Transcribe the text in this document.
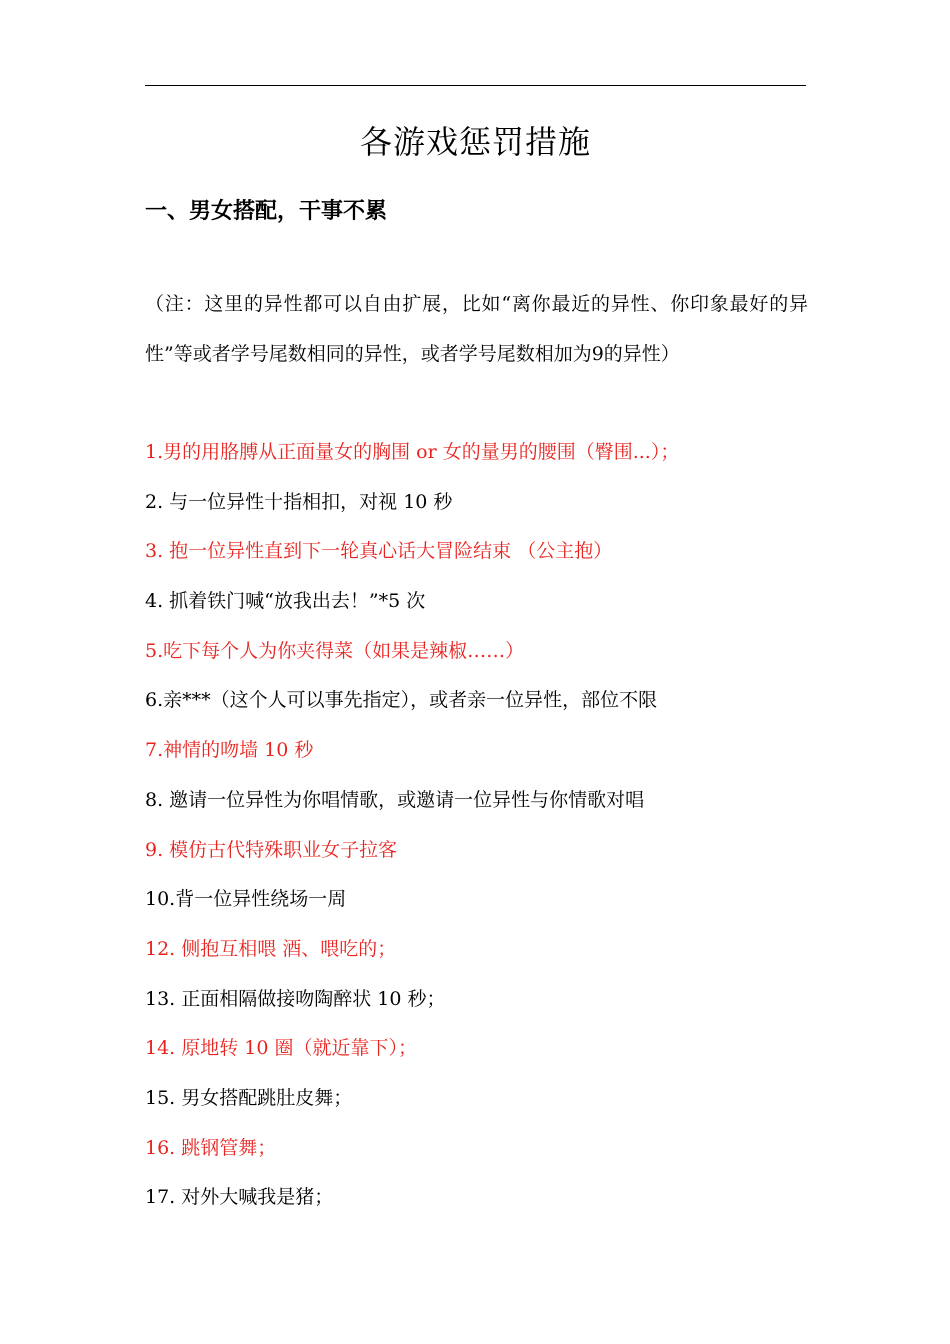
各游戏惩罚措施
一、男女搭配，干事不累
（注：这里的异性都可以自由扩展，比如“离你最近的异性、你印象最好的异性”等或者学号尾数相同的异性，或者学号尾数相加为9的异性）
1.男的用胳膊从正面量女的胸围 or 女的量男的腰围（臀围...）；
2. 与一位异性十指相扣，对视 10 秒
3. 抱一位异性直到下一轮真心话大冒险结束 （公主抱）
4. 抓着铁门喊“放我出去！”*5 次
5.吃下每个人为你夹得菜（如果是辣椒……）
6.亲***（这个人可以事先指定），或者亲一位异性，部位不限
7.神情的吻墙 10 秒
8. 邀请一位异性为你唱情歌，或邀请一位异性与你情歌对唱
9. 模仿古代特殊职业女子拉客
10.背一位异性绕场一周
12. 侧抱互相喂 酒、喂吃的；
13. 正面相隔做接吻陶醉状 10 秒；
14. 原地转 10 圈（就近靠下）；
15. 男女搭配跳肚皮舞；
16. 跳钢管舞；
17. 对外大喊我是猪；
